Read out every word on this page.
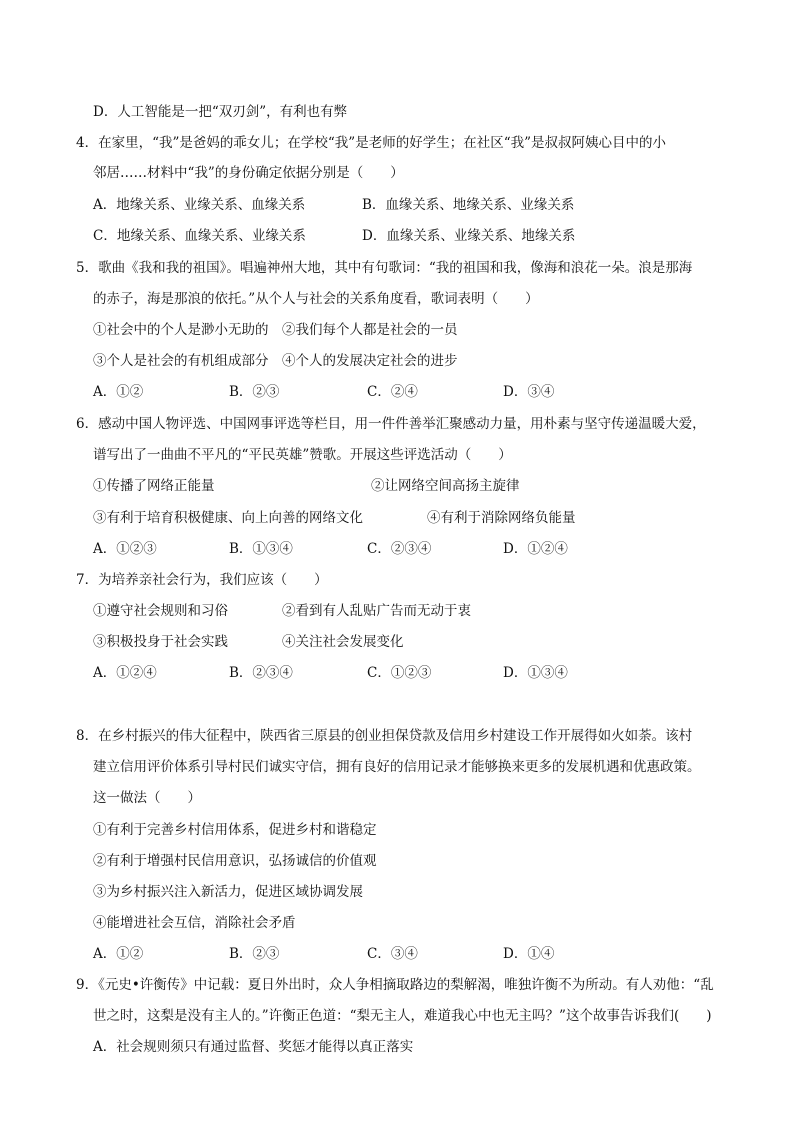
D．人工智能是一把“双刃剑”，有利也有弊
4．在家里，“我”是爸妈的乖女儿；在学校“我”是老师的好学生；在社区“我”是叔叔阿姨心目中的小
邻居……材料中“我”的身份确定依据分别是（　　）
5．歌曲《我和我的祖国》。唱遍神州大地，其中有句歌词：“我的祖国和我，像海和浪花一朵。浪是那海
的赤子，海是那浪的依托。”从个人与社会的关系角度看，歌词表明（　　）
①社会中的个人是渺小无助的　②我们每个人都是社会的一员
③个人是社会的有机组成部分　④个人的发展决定社会的进步
6．感动中国人物评选、中国网事评选等栏目，用一件件善举汇聚感动力量，用朴素与坚守传递温暖大爱，
谱写出了一曲曲不平凡的“平民英雄”赞歌。开展这些评选活动（　　）
7．为培养亲社会行为，我们应该（　　）
8．在乡村振兴的伟大征程中，陕西省三原县的创业担保贷款及信用乡村建设工作开展得如火如荼。该村
建立信用评价体系引导村民们诚实守信，拥有良好的信用记录才能够换来更多的发展机遇和优惠政策。
这一做法（　　）
①有利于完善乡村信用体系，促进乡村和谐稳定
②有利于增强村民信用意识，弘扬诚信的价值观
③为乡村振兴注入新活力，促进区域协调发展
④能增进社会互信，消除社会矛盾
9．《元史•许衡传》中记载：夏日外出时，众人争相摘取路边的梨解渴，唯独许衡不为所动。有人劝他：“乱
世之时，这梨是没有主人的。”许衡正色道：“梨无主人，难道我心中也无主吗？”这个故事告诉我们(　　)
A．社会规则须只有通过监督、奖惩才能得以真正落实
A．地缘关系、业缘关系、血缘关系	B．血缘关系、地缘关系、业缘关系
C．地缘关系、血缘关系、业缘关系	D．血缘关系、业缘关系、地缘关系
A．①②	B．②③	C．②④	D．③④
①传播了网络正能量	②让网络空间高扬主旋律
③有利于培育积极健康、向上向善的网络文化	④有利于消除网络负能量
A．①②③	B．①③④	C．②③④	D．①②④
①遵守社会规则和习俗	②看到有人乱贴广告而无动于衷
③积极投身于社会实践	④关注社会发展变化
A．①②④	B．②③④	C．①②③	D．①③④
A．①②	B．②③	C．③④	D．①④
